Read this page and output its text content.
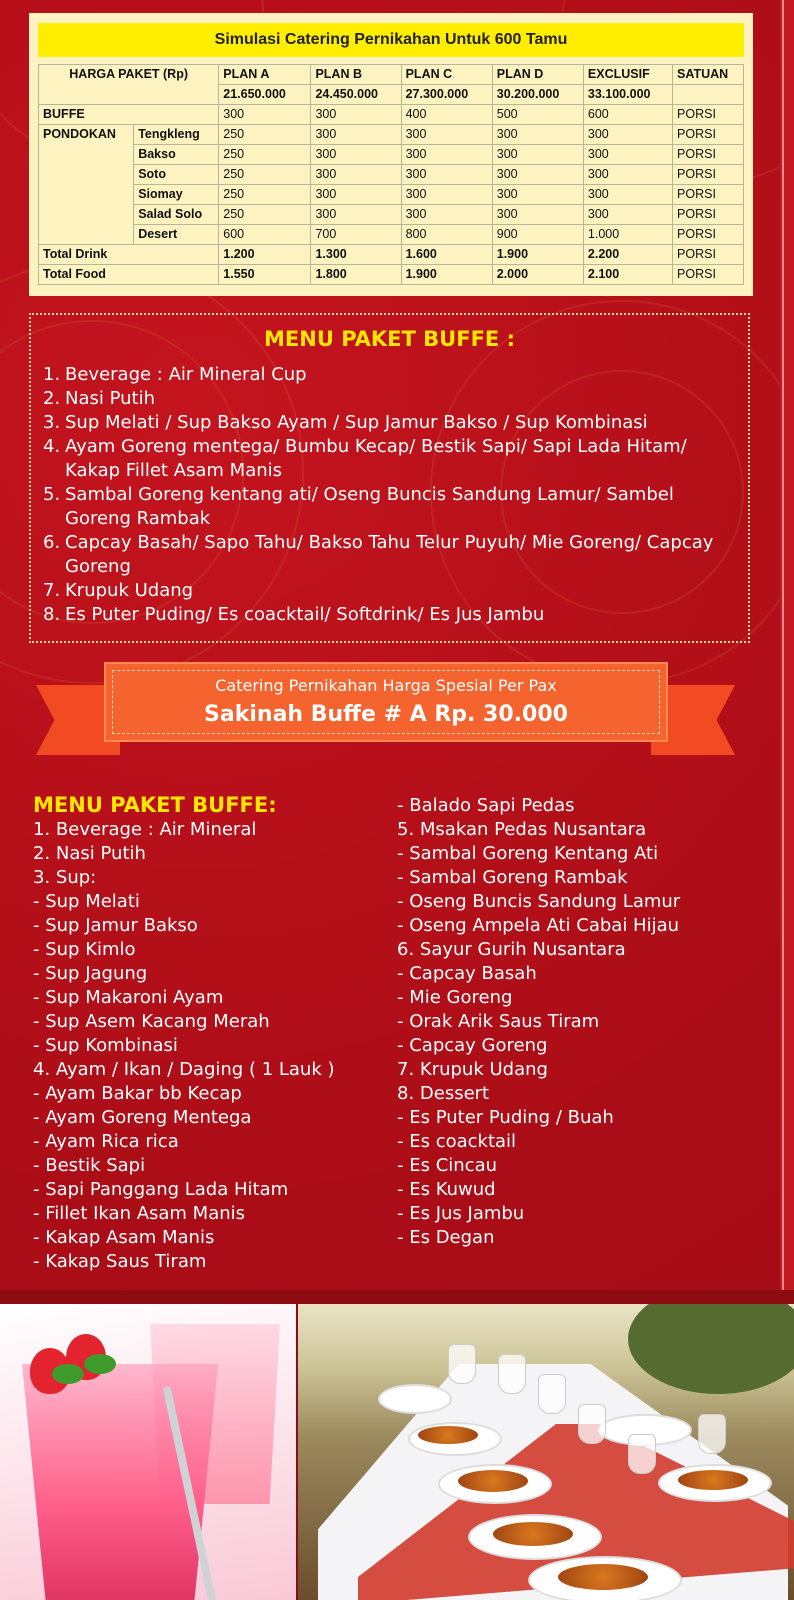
Simulasi Catering Pernikahan Untuk 600 Tamu
HARGA PAKET (Rp)		PLAN A	PLAN B	PLAN C	PLAN D	EXCLUSIF	SATUAN
		21.650.000	24.450.000	27.300.000	30.200.000	33.100.000	
BUFFE		300	300	400	500	600	PORSI
PONDOKAN	Tengkleng	250	300	300	300	300	PORSI
	Bakso	250	300	300	300	300	PORSI
	Soto	250	300	300	300	300	PORSI
	Siomay	250	300	300	300	300	PORSI
	Salad Solo	250	300	300	300	300	PORSI
	Desert	600	700	800	900	1.000	PORSI
Total Drink		1.200	1.300	1.600	1.900	2.200	PORSI
Total Food		1.550	1.800	1.900	2.000	2.100	PORSI
MENU PAKET BUFFE :
1. Beverage : Air Mineral Cup
2. Nasi Putih
3. Sup Melati / Sup Bakso Ayam / Sup Jamur Bakso / Sup Kombinasi
4. Ayam Goreng mentega/ Bumbu Kecap/ Bestik Sapi/ Sapi Lada Hitam/ Kakap Fillet Asam Manis
5. Sambal Goreng kentang ati/ Oseng Buncis Sandung Lamur/ Sambel Goreng Rambak
6. Capcay Basah/ Sapo Tahu/ Bakso Tahu Telur Puyuh/ Mie Goreng/ Capcay Goreng
7. Krupuk Udang
8. Es Puter Puding/ Es coacktail/ Softdrink/ Es Jus Jambu
Catering Pernikahan Harga Spesial Per Pax
Sakinah Buffe # A Rp. 30.000
MENU PAKET BUFFE:
1. Beverage : Air Mineral
2. Nasi Putih
3. Sup:
- Sup Melati
- Sup Jamur Bakso
- Sup Kimlo
- Sup Jagung
- Sup Makaroni Ayam
- Sup Asem Kacang Merah
- Sup Kombinasi
4. Ayam / Ikan / Daging ( 1 Lauk )
- Ayam Bakar bb Kecap
- Ayam Goreng Mentega
- Ayam Rica rica
- Bestik Sapi
- Sapi Panggang Lada Hitam
- Fillet Ikan Asam Manis
- Kakap Asam Manis
- Kakap Saus Tiram
- Balado Sapi Pedas
5. Msakan Pedas Nusantara
- Sambal Goreng Kentang Ati
- Sambal Goreng Rambak
- Oseng Buncis Sandung Lamur
- Oseng Ampela Ati Cabai Hijau
6. Sayur Gurih Nusantara
- Capcay Basah
- Mie Goreng
- Orak Arik Saus Tiram
- Capcay Goreng
7. Krupuk Udang
8. Dessert
- Es Puter Puding / Buah
- Es coacktail
- Es Cincau
- Es Kuwud
- Es Jus Jambu
- Es Degan
